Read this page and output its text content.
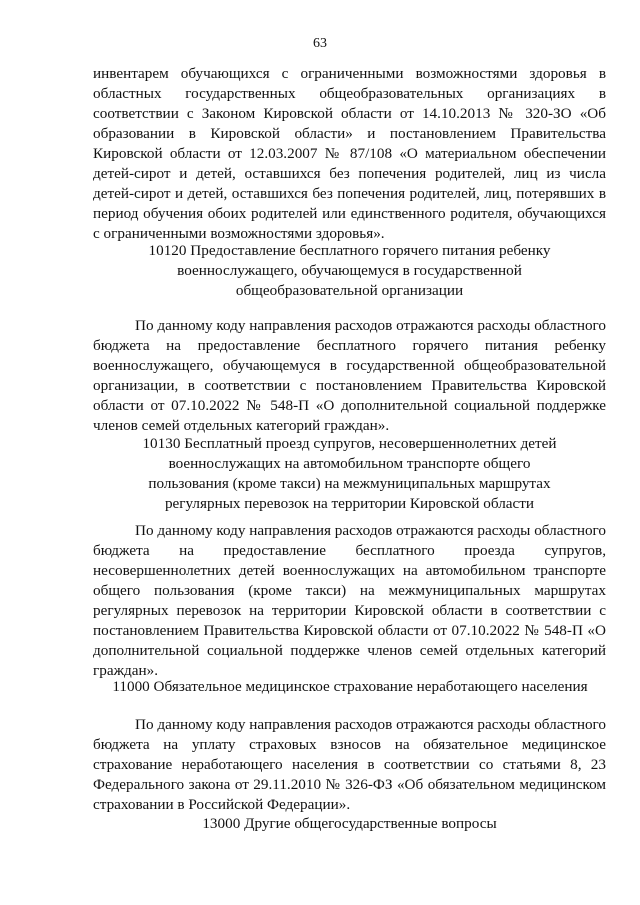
63

инвентарем обучающихся с ограниченными возможностями здоровья в областных государственных общеобразовательных организациях в соответствии с Законом Кировской области от 14.10.2013 № 320-ЗО «Об образовании в Кировской области» и постановлением Правительства Кировской области от 12.03.2007 № 87/108 «О материальном обеспечении детей-сирот и детей, оставшихся без попечения родителей, лиц из числа детей-сирот и детей, оставшихся без попечения родителей, лиц, потерявших в период обучения обоих родителей или единственного родителя, обучающихся с ограниченными возможностями здоровья».

10120 Предоставление бесплатного горячего питания ребенку
военнослужащего, обучающемуся в государственной
общеобразовательной организации

По данному коду направления расходов отражаются расходы областного бюджета на предоставление бесплатного горячего питания ребенку военнослужащего, обучающемуся в государственной общеобразовательной организации, в соответствии с постановлением Правительства Кировской области от 07.10.2022 № 548-П «О дополнительной социальной поддержке членов семей отдельных категорий граждан».

10130 Бесплатный проезд супругов, несовершеннолетних детей
военнослужащих на автомобильном транспорте общего
пользования (кроме такси) на межмуниципальных маршрутах
регулярных перевозок на территории Кировской области

По данному коду направления расходов отражаются расходы областного бюджета на предоставление бесплатного проезда супругов, несовершеннолетних детей военнослужащих на автомобильном транспорте общего пользования (кроме такси) на межмуниципальных маршрутах регулярных перевозок на территории Кировской области в соответствии с постановлением Правительства Кировской области от 07.10.2022 № 548-П «О дополнительной социальной поддержке членов семей отдельных категорий граждан».

11000 Обязательное медицинское страхование неработающего населения

По данному коду направления расходов отражаются расходы областного бюджета на уплату страховых взносов на обязательное медицинское страхование неработающего населения в соответствии со статьями 8, 23 Федерального закона от 29.11.2010 № 326-ФЗ «Об обязательном медицинском страховании в Российской Федерации».

13000 Другие общегосударственные вопросы
